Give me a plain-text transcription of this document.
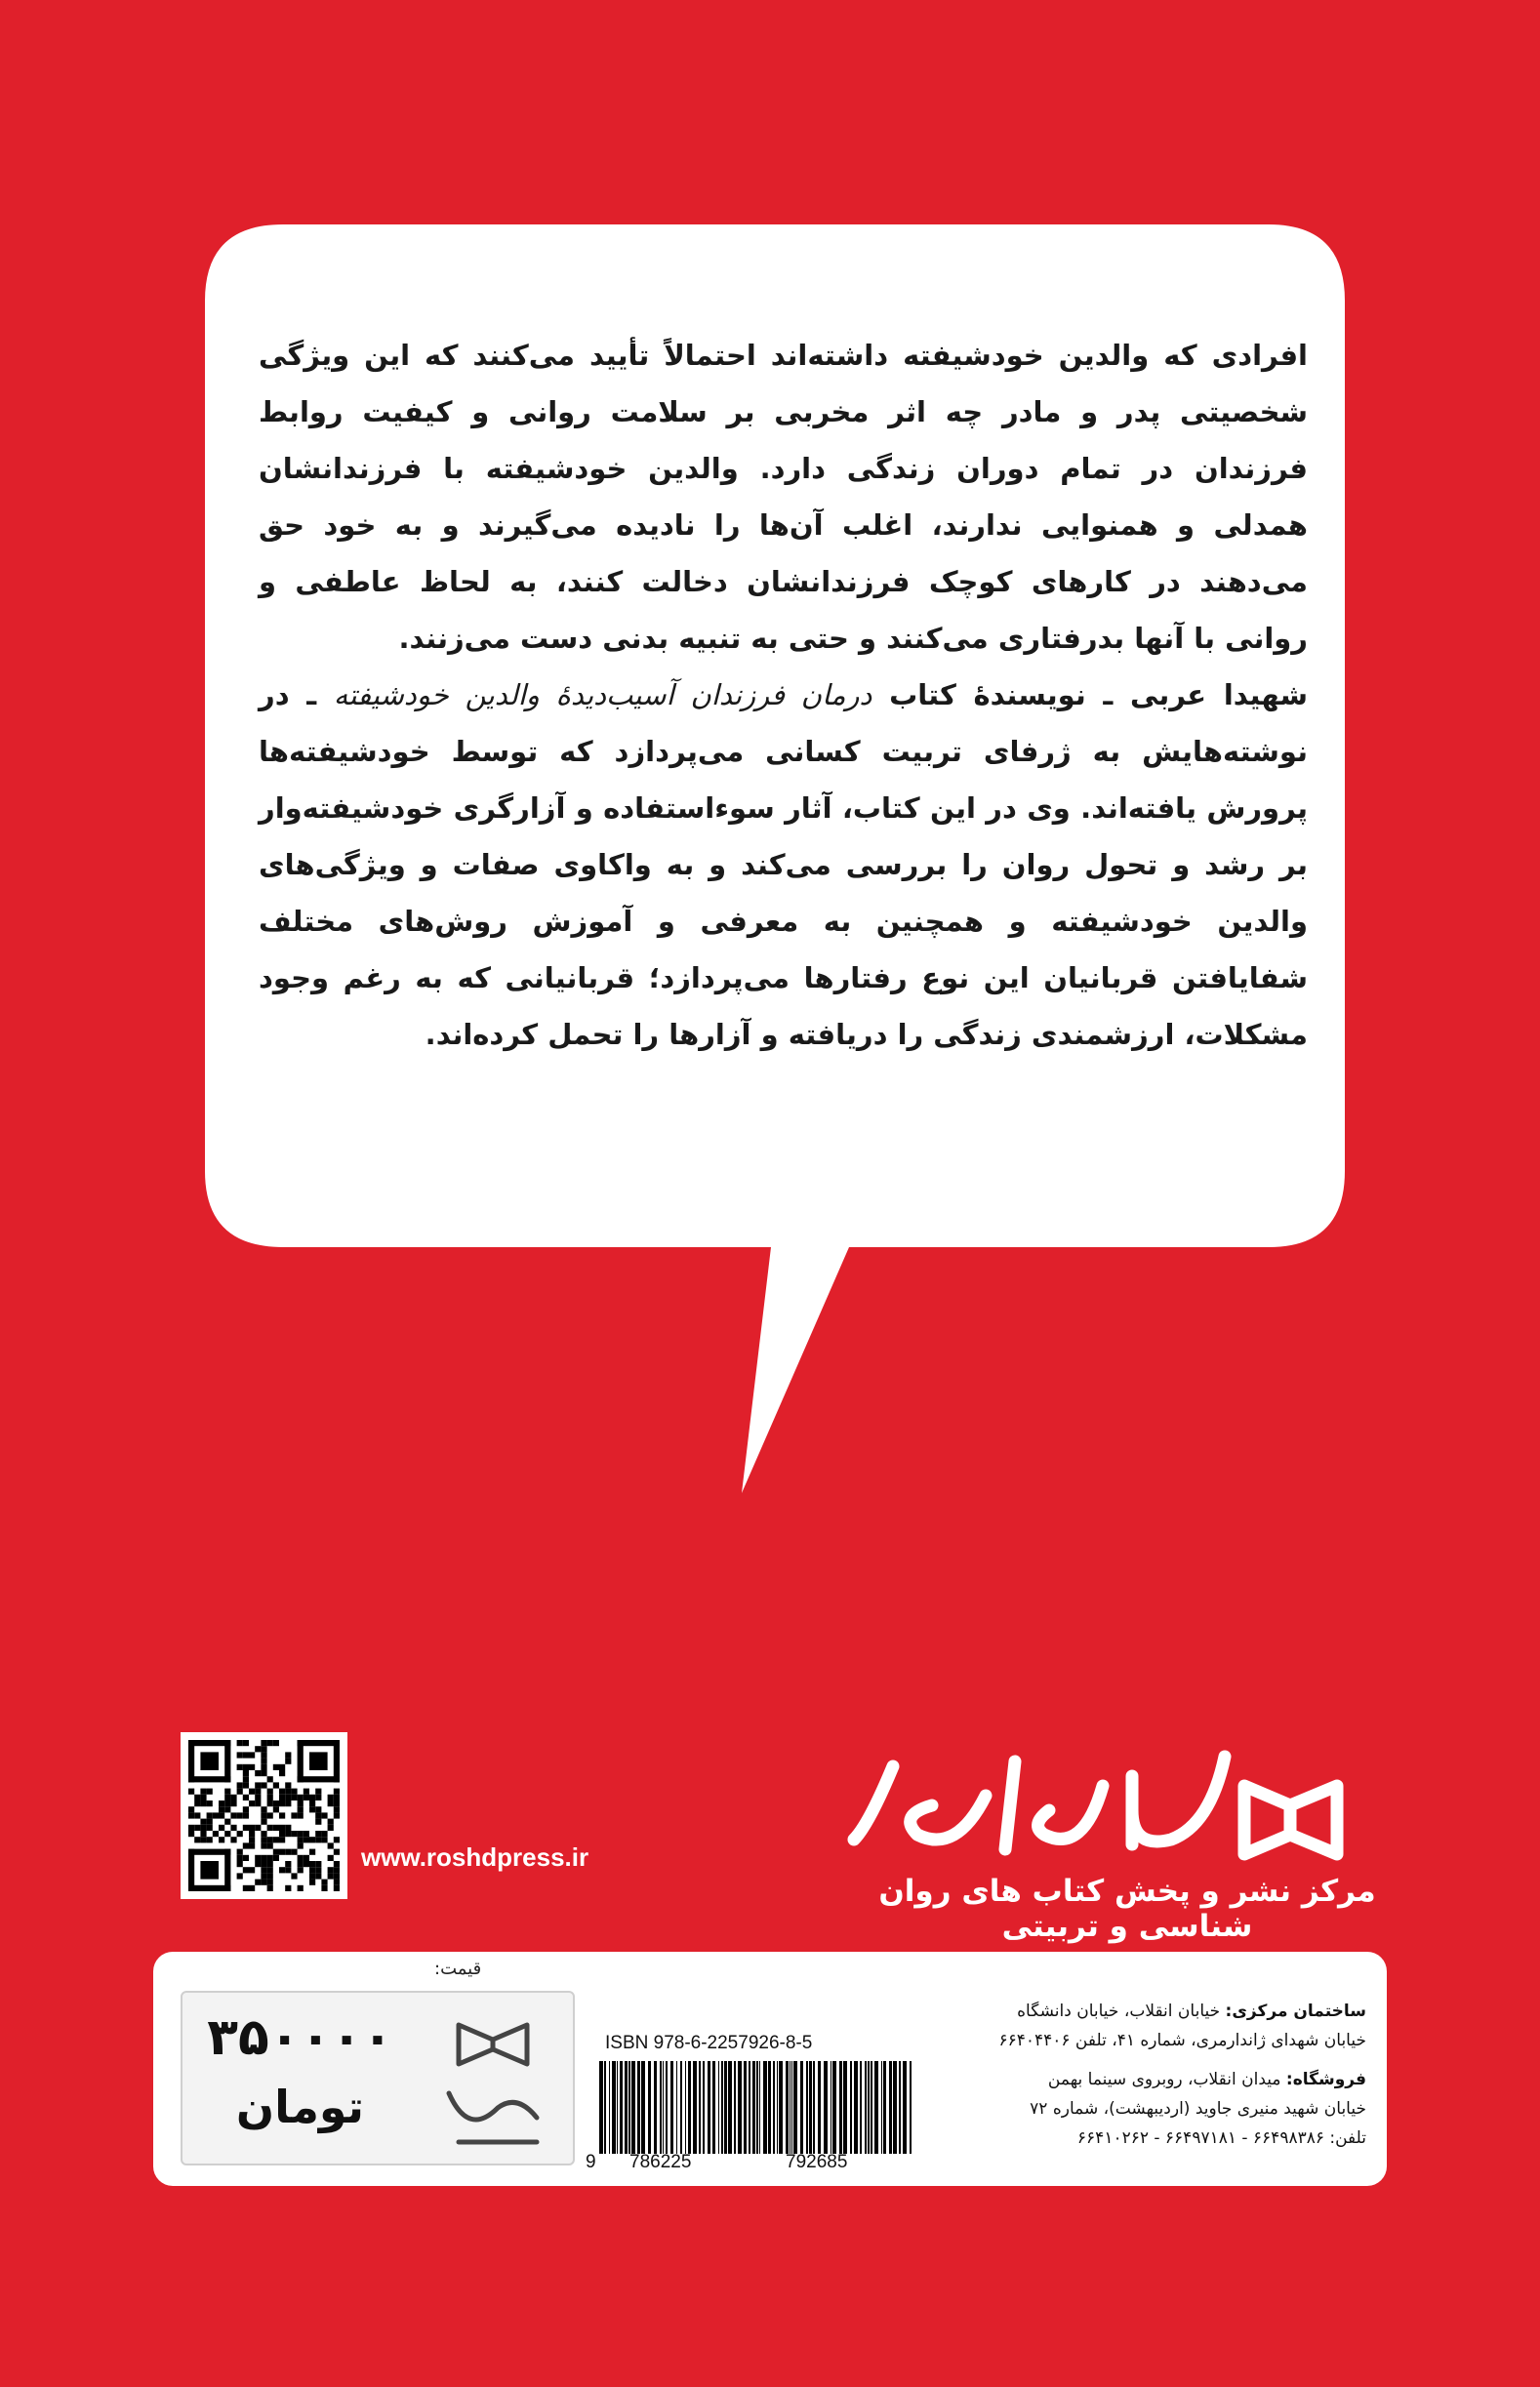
افرادی که والدین خودشیفته داشته‌اند احتمالاً تأیید می‌کنند که این ویژگی شخصیتی پدر و مادر چه اثر مخربی بر سلامت روانی و کیفیت روابط فرزندان در تمام دوران زندگی دارد. والدین خودشیفته با فرزندانشان همدلی و همنوایی ندارند، اغلب آن‌ها را نادیده می‌گیرند و به خود حق می‌دهند در کارهای کوچک فرزندانشان دخالت کنند، به لحاظ عاطفی و روانی با آنها بدرفتاری می‌کنند و حتی به تنبیه بدنی دست می‌زنند.

شهیدا عربی ـ نویسندهٔ کتاب درمان فرزندان آسیب‌دیدهٔ والدین خودشیفته ـ در نوشته‌هایش به ژرفای تربیت کسانی می‌پردازد که توسط خودشیفته‌ها پرورش یافته‌اند. وی در این کتاب، آثار سوءاستفاده و آزارگری خودشیفته‌وار بر رشد و تحول روان را بررسی می‌کند و به واکاوی صفات و ویژگی‌های والدین خودشیفته و همچنین به معرفی و آموزش روش‌های مختلف شفایافتن قربانیان این نوع رفتارها می‌پردازد؛ قربانیانی که به رغم وجود مشکلات، ارزشمندی زندگی را دریافته و آزارها را تحمل کرده‌اند.

www.roshdpress.ir
انتشارات جوانه رشد
مرکز نشر و پخش کتاب های روان شناسی و تربیتی
قیمت:
۳۵۰۰۰۰
تومان
انتشارات رشد
ISBN 978-6-2257926-8-5
9 786225	792685

ساختمان مرکزی: خیابان انقلاب، خیابان دانشگاه

خیابان شهدای ژاندارمری، شماره ۴۱، تلفن ۶۶۴۰۴۴۰۶

فروشگاه: میدان انقلاب، روبروی سینما بهمن

خیابان شهید منیری جاوید (اردیبهشت)، شماره ۷۲

تلفن: ۶۶۴۹۸۳۸۶ - ۶۶۴۹۷۱۸۱ - ۶۶۴۱۰۲۶۲
